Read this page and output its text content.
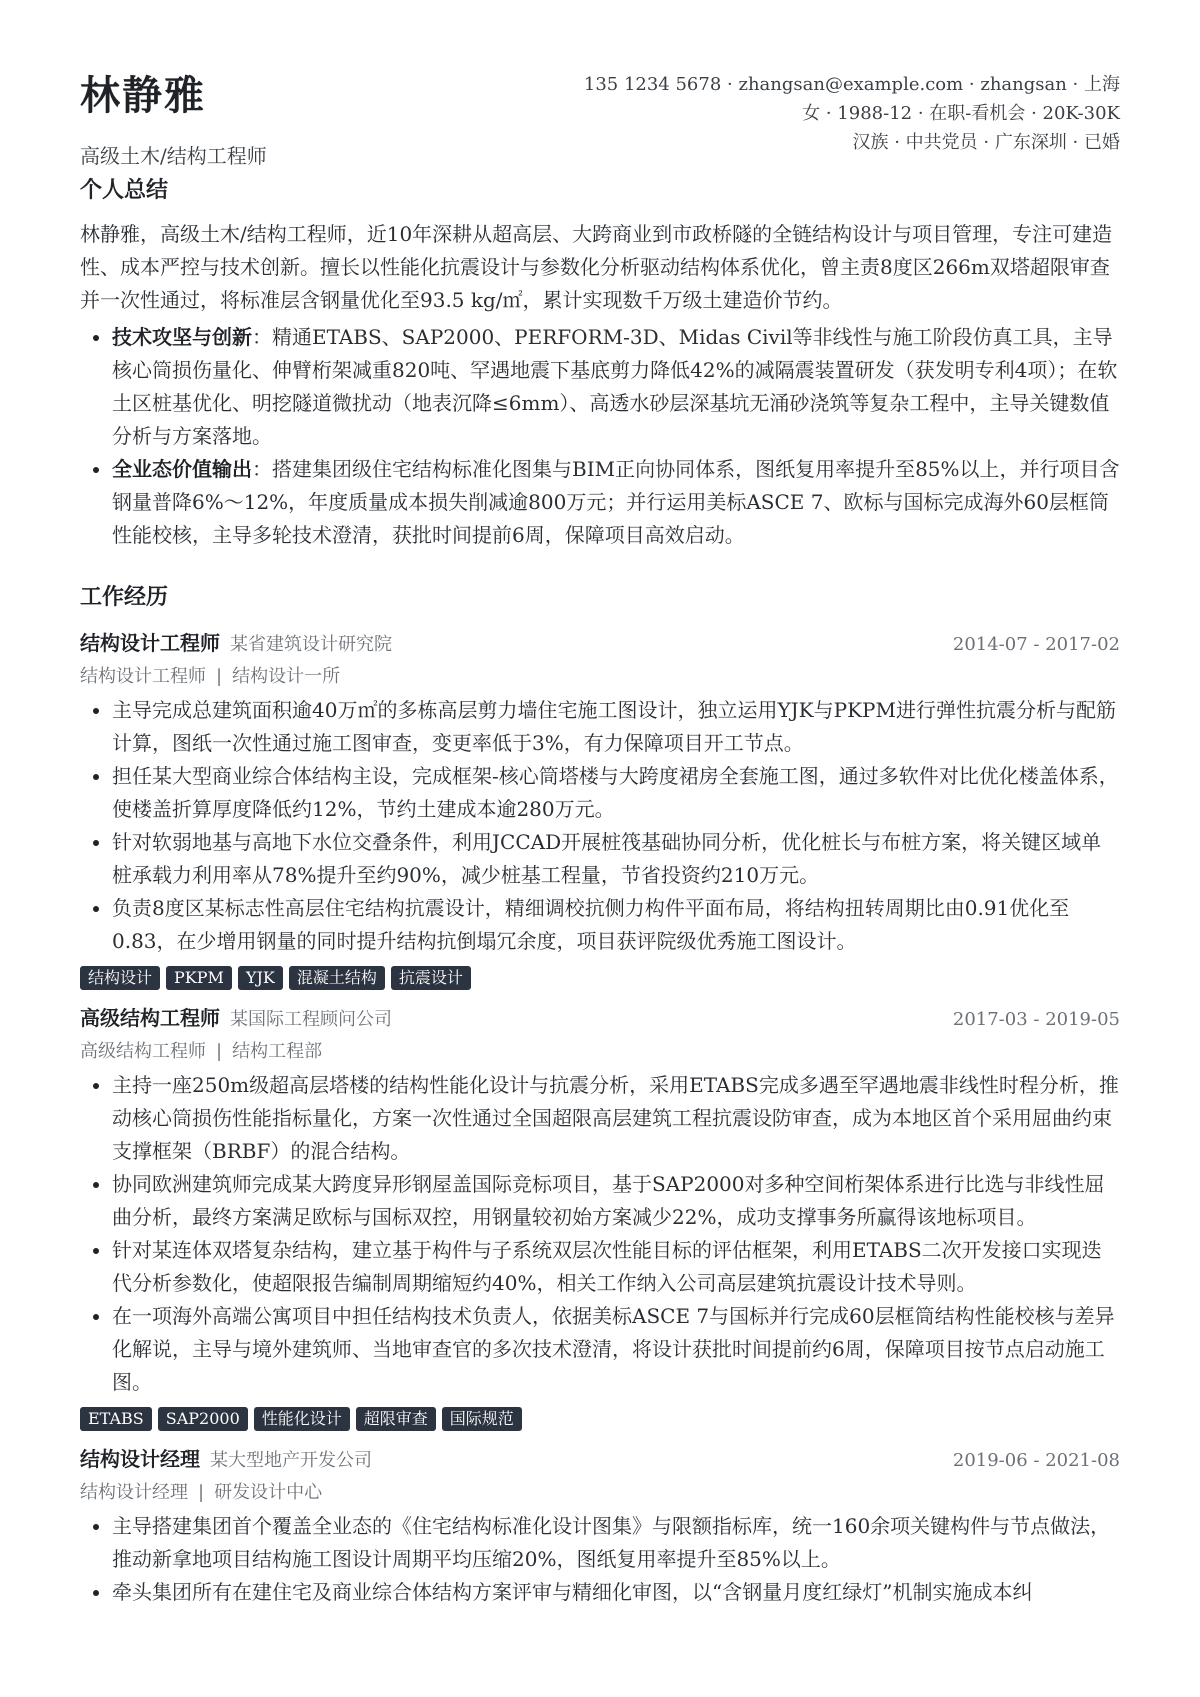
林静雅
高级土木/结构工程师
135 1234 5678 · zhangsan@example.com · zhangsan · 上海
女 · 1988-12 · 在职-看机会 · 20K-30K
汉族 · 中共党员 · 广东深圳 · 已婚
个人总结

林静雅，高级土木/结构工程师，近10年深耕从超高层、大跨商业到市政桥隧的全链结构设计与项目管理，专注可建造性、成本严控与技术创新。擅长以性能化抗震设计与参数化分析驱动结构体系优化，曾主责8度区266m双塔超限审查并一次性通过，将标准层含钢量优化至93.5 kg/㎡，累计实现数千万级土建造价节约。

• 技术攻坚与创新：精通ETABS、SAP2000、PERFORM-3D、Midas Civil等非线性与施工阶段仿真工具，主导核心筒损伤量化、伸臂桁架减重820吨、罕遇地震下基底剪力降低42%的减隔震装置研发（获发明专利4项）；在软土区桩基优化、明挖隧道微扰动（地表沉降≤6mm）、高透水砂层深基坑无涌砂浇筑等复杂工程中，主导关键数值分析与方案落地。
• 全业态价值输出：搭建集团级住宅结构标准化图集与BIM正向协同体系，图纸复用率提升至85%以上，并行项目含钢量普降6%～12%，年度质量成本损失削减逾800万元；并行运用美标ASCE 7、欧标与国标完成海外60层框筒性能校核，主导多轮技术澄清，获批时间提前6周，保障项目高效启动。
工作经历
结构设计工程师 某省建筑设计研究院	2014-07 - 2017-02
结构设计工程师 | 结构设计一所
• 主导完成总建筑面积逾40万㎡的多栋高层剪力墙住宅施工图设计，独立运用YJK与PKPM进行弹性抗震分析与配筋计算，图纸一次性通过施工图审查，变更率低于3%，有力保障项目开工节点。
• 担任某大型商业综合体结构主设，完成框架-核心筒塔楼与大跨度裙房全套施工图，通过多软件对比优化楼盖体系，使楼盖折算厚度降低约12%，节约土建成本逾280万元。
• 针对软弱地基与高地下水位交叠条件，利用JCCAD开展桩筏基础协同分析，优化桩长与布桩方案，将关键区域单桩承载力利用率从78%提升至约90%，减少桩基工程量，节省投资约210万元。
• 负责8度区某标志性高层住宅结构抗震设计，精细调校抗侧力构件平面布局，将结构扭转周期比由0.91优化至0.83，在少增用钢量的同时提升结构抗倒塌冗余度，项目获评院级优秀施工图设计。
结构设计	PKPM	YJK	混凝土结构	抗震设计
高级结构工程师 某国际工程顾问公司	2017-03 - 2019-05
高级结构工程师 | 结构工程部
• 主持一座250m级超高层塔楼的结构性能化设计与抗震分析，采用ETABS完成多遇至罕遇地震非线性时程分析，推动核心筒损伤性能指标量化，方案一次性通过全国超限高层建筑工程抗震设防审查，成为本地区首个采用屈曲约束支撑框架（BRBF）的混合结构。
• 协同欧洲建筑师完成某大跨度异形钢屋盖国际竞标项目，基于SAP2000对多种空间桁架体系进行比选与非线性屈曲分析，最终方案满足欧标与国标双控，用钢量较初始方案减少22%，成功支撑事务所赢得该地标项目。
• 针对某连体双塔复杂结构，建立基于构件与子系统双层次性能目标的评估框架，利用ETABS二次开发接口实现迭代分析参数化，使超限报告编制周期缩短约40%，相关工作纳入公司高层建筑抗震设计技术导则。
• 在一项海外高端公寓项目中担任结构技术负责人，依据美标ASCE 7与国标并行完成60层框筒结构性能校核与差异化解说，主导与境外建筑师、当地审查官的多次技术澄清，将设计获批时间提前约6周，保障项目按节点启动施工图。
ETABS	SAP2000	性能化设计	超限审查	国际规范
结构设计经理 某大型地产开发公司	2019-06 - 2021-08
结构设计经理 | 研发设计中心
• 主导搭建集团首个覆盖全业态的《住宅结构标准化设计图集》与限额指标库，统一160余项关键构件与节点做法，推动新拿地项目结构施工图设计周期平均压缩20%，图纸复用率提升至85%以上。
• 牵头集团所有在建住宅及商业综合体结构方案评审与精细化审图，以“含钢量月度红绿灯”机制实施成本纠
